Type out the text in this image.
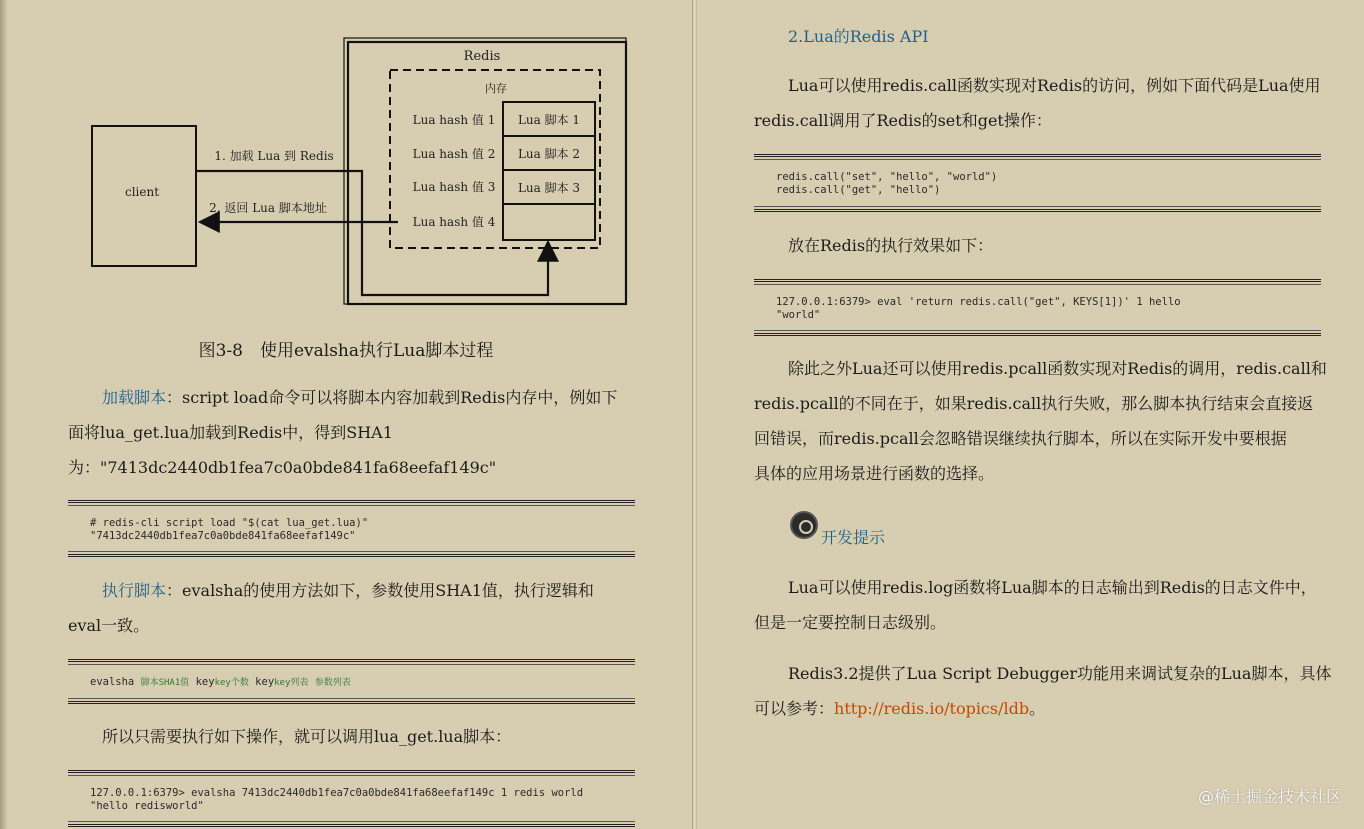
Redis
内存
Lua 脚本 1
Lua 脚本 2
Lua 脚本 3
Lua hash 值 1
Lua hash 值 2
Lua hash 值 3
Lua hash 值 4
client
1. 加载 Lua 到 Redis
2. 返回 Lua 脚本地址
图3-8　使用evalsha执行Lua脚本过程
加载脚本：script load命令可以将脚本内容加载到Redis内存中，例如下
面将lua_get.lua加载到Redis中，得到SHA1
为："7413dc2440db1fea7c0a0bde841fa68eefaf149c"
# redis-cli script load "$(cat lua_get.lua)"
"7413dc2440db1fea7c0a0bde841fa68eefaf149c"
执行脚本：evalsha的使用方法如下，参数使用SHA1值，执行逻辑和
eval一致。
evalsha 脚本SHA1值 keykey个数 keykey列表 参数列表
所以只需要执行如下操作，就可以调用lua_get.lua脚本：
127.0.0.1:6379> evalsha 7413dc2440db1fea7c0a0bde841fa68eefaf149c 1 redis world
"hello redisworld"
2.Lua的Redis API
Lua可以使用redis.call函数实现对Redis的访问，例如下面代码是Lua使用
redis.call调用了Redis的set和get操作：
redis.call("set", "hello", "world")
redis.call("get", "hello")
放在Redis的执行效果如下：
127.0.0.1:6379> eval 'return redis.call("get", KEYS[1])' 1 hello
"world"
除此之外Lua还可以使用redis.pcall函数实现对Redis的调用，redis.call和
redis.pcall的不同在于，如果redis.call执行失败，那么脚本执行结束会直接返
回错误，而redis.pcall会忽略错误继续执行脚本，所以在实际开发中要根据
具体的应用场景进行函数的选择。
开发提示
Lua可以使用redis.log函数将Lua脚本的日志输出到Redis的日志文件中，
但是一定要控制日志级别。
Redis3.2提供了Lua Script Debugger功能用来调试复杂的Lua脚本，具体
可以参考：http://redis.io/topics/ldb。
@稀土掘金技术社区
